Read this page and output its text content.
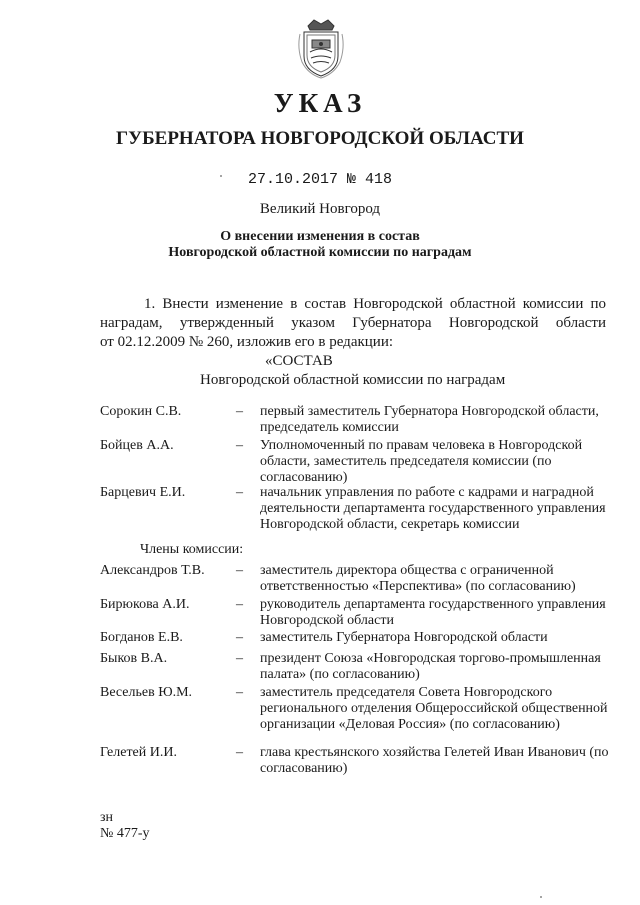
УКАЗ
ГУБЕРНАТОРА НОВГОРОДСКОЙ ОБЛАСТИ
27.10.2017 № 418
Великий Новгород
О внесении изменения в состав
Новгородской областной комиссии по наградам
1. Внести изменение в состав Новгородской областной комиссии по
наградам, утвержденный указом Губернатора Новгородской области
от 02.12.2009 № 260, изложив его в редакции:
«СОСТАВ
Новгородской областной комиссии по наградам
Сорокин С.В.	– первый заместитель Губернатора Новгородской области, председатель комиссии
Бойцев А.А.	– Уполномоченный по правам человека в Новгородской области, заместитель председателя комиссии (по согласованию)
Барцевич Е.И.	– начальник управления по работе с кадрами и наградной деятельности департамента государственного управления Новгородской области, секретарь комиссии
Члены комиссии:
Александров Т.В. – заместитель директора общества с ограниченной ответственностью «Перспектива» (по согласованию)
Бирюкова А.И.	– руководитель департамента государственного управления Новгородской области
Богданов Е.В.	– заместитель Губернатора Новгородской области
Быков В.А.	– президент Союза «Новгородская торгово-промышленная палата» (по согласованию)
Весельев Ю.М.	– заместитель председателя Совета Новгородского регионального отделения Общероссийской общественной организации «Деловая Россия» (по согласованию)
Гелетей И.И.	– глава крестьянского хозяйства Гелетей Иван Иванович (по согласованию)
зн
№ 477-у
